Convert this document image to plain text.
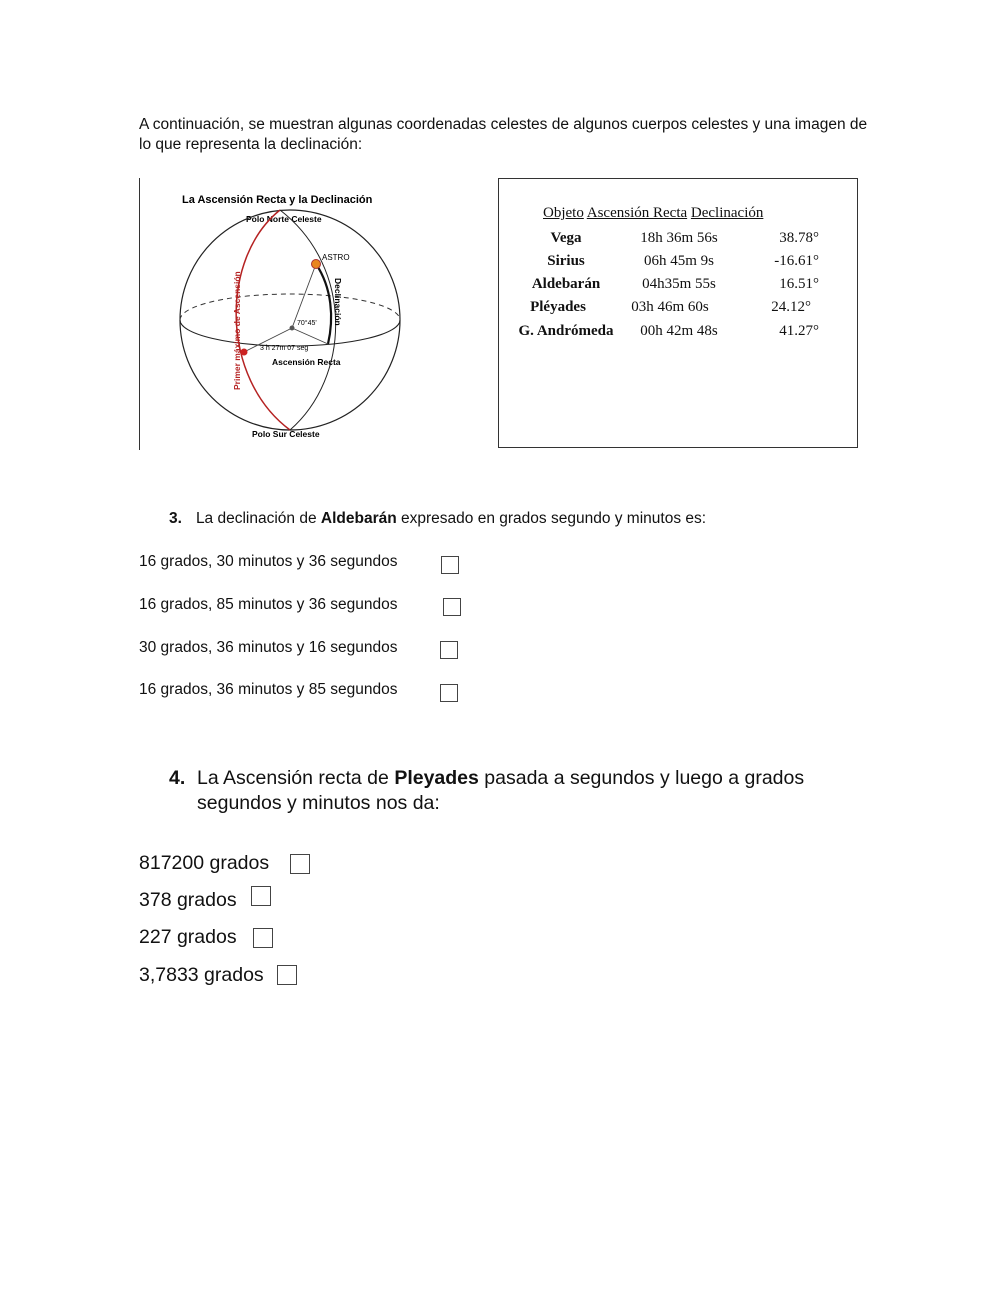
A continuación, se muestran algunas coordenadas celestes de algunos cuerpos celestes y una imagen de lo que representa la declinación:
La Ascensión Recta y la Declinación
Polo Norte Celeste
ASTRO
70°45'
3 h 27m 07 seg
Ascensión Recta
Declinación
Primer máximo de Ascensión
Polo Sur Celeste
Objeto Ascensión Recta Declinación
Vega	18h 36m 56s	38.78°
Sirius	06h 45m 9s	-16.61°
Aldebarán	04h35m 55s	16.51°
Pléyades	03h 46m 60s	24.12°
G. Andrómeda	00h 42m 48s	41.27°
3. La declinación de Aldebarán expresado en grados segundo y minutos es:
16 grados, 30 minutos y 36 segundos
16 grados, 85 minutos y 36 segundos
30 grados, 36 minutos y 16 segundos
16 grados, 36 minutos y 85 segundos
4. La Ascensión recta de Pleyades pasada a segundos y luego a grados segundos y minutos nos da:
817200 grados
378 grados
227 grados
3,7833 grados
